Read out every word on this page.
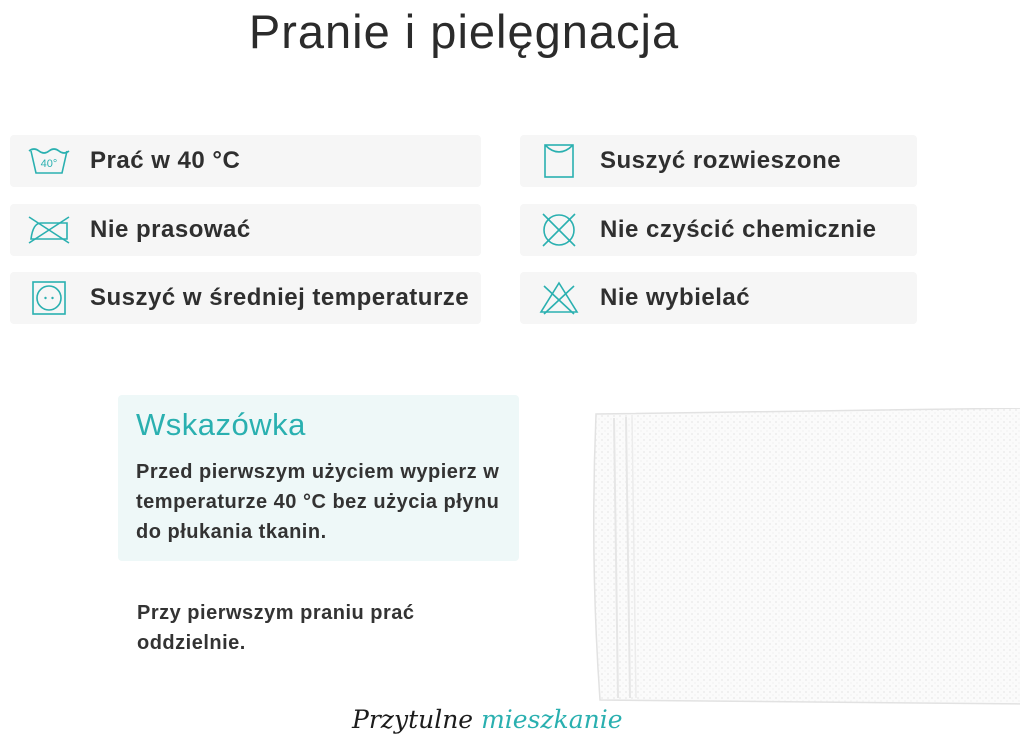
Pranie i pielęgnacja
40° Prać w 40 °C
Nie prasować
Suszyć w średniej temperaturze
Suszyć rozwieszone
Nie czyścić chemicznie
Nie wybielać
Wskazówka
Przed pierwszym użyciem wypierz w temperaturze 40 °C bez użycia płynu do płukania tkanin.
Przy pierwszym praniu prać oddzielnie.
Przytulne mieszkanie
